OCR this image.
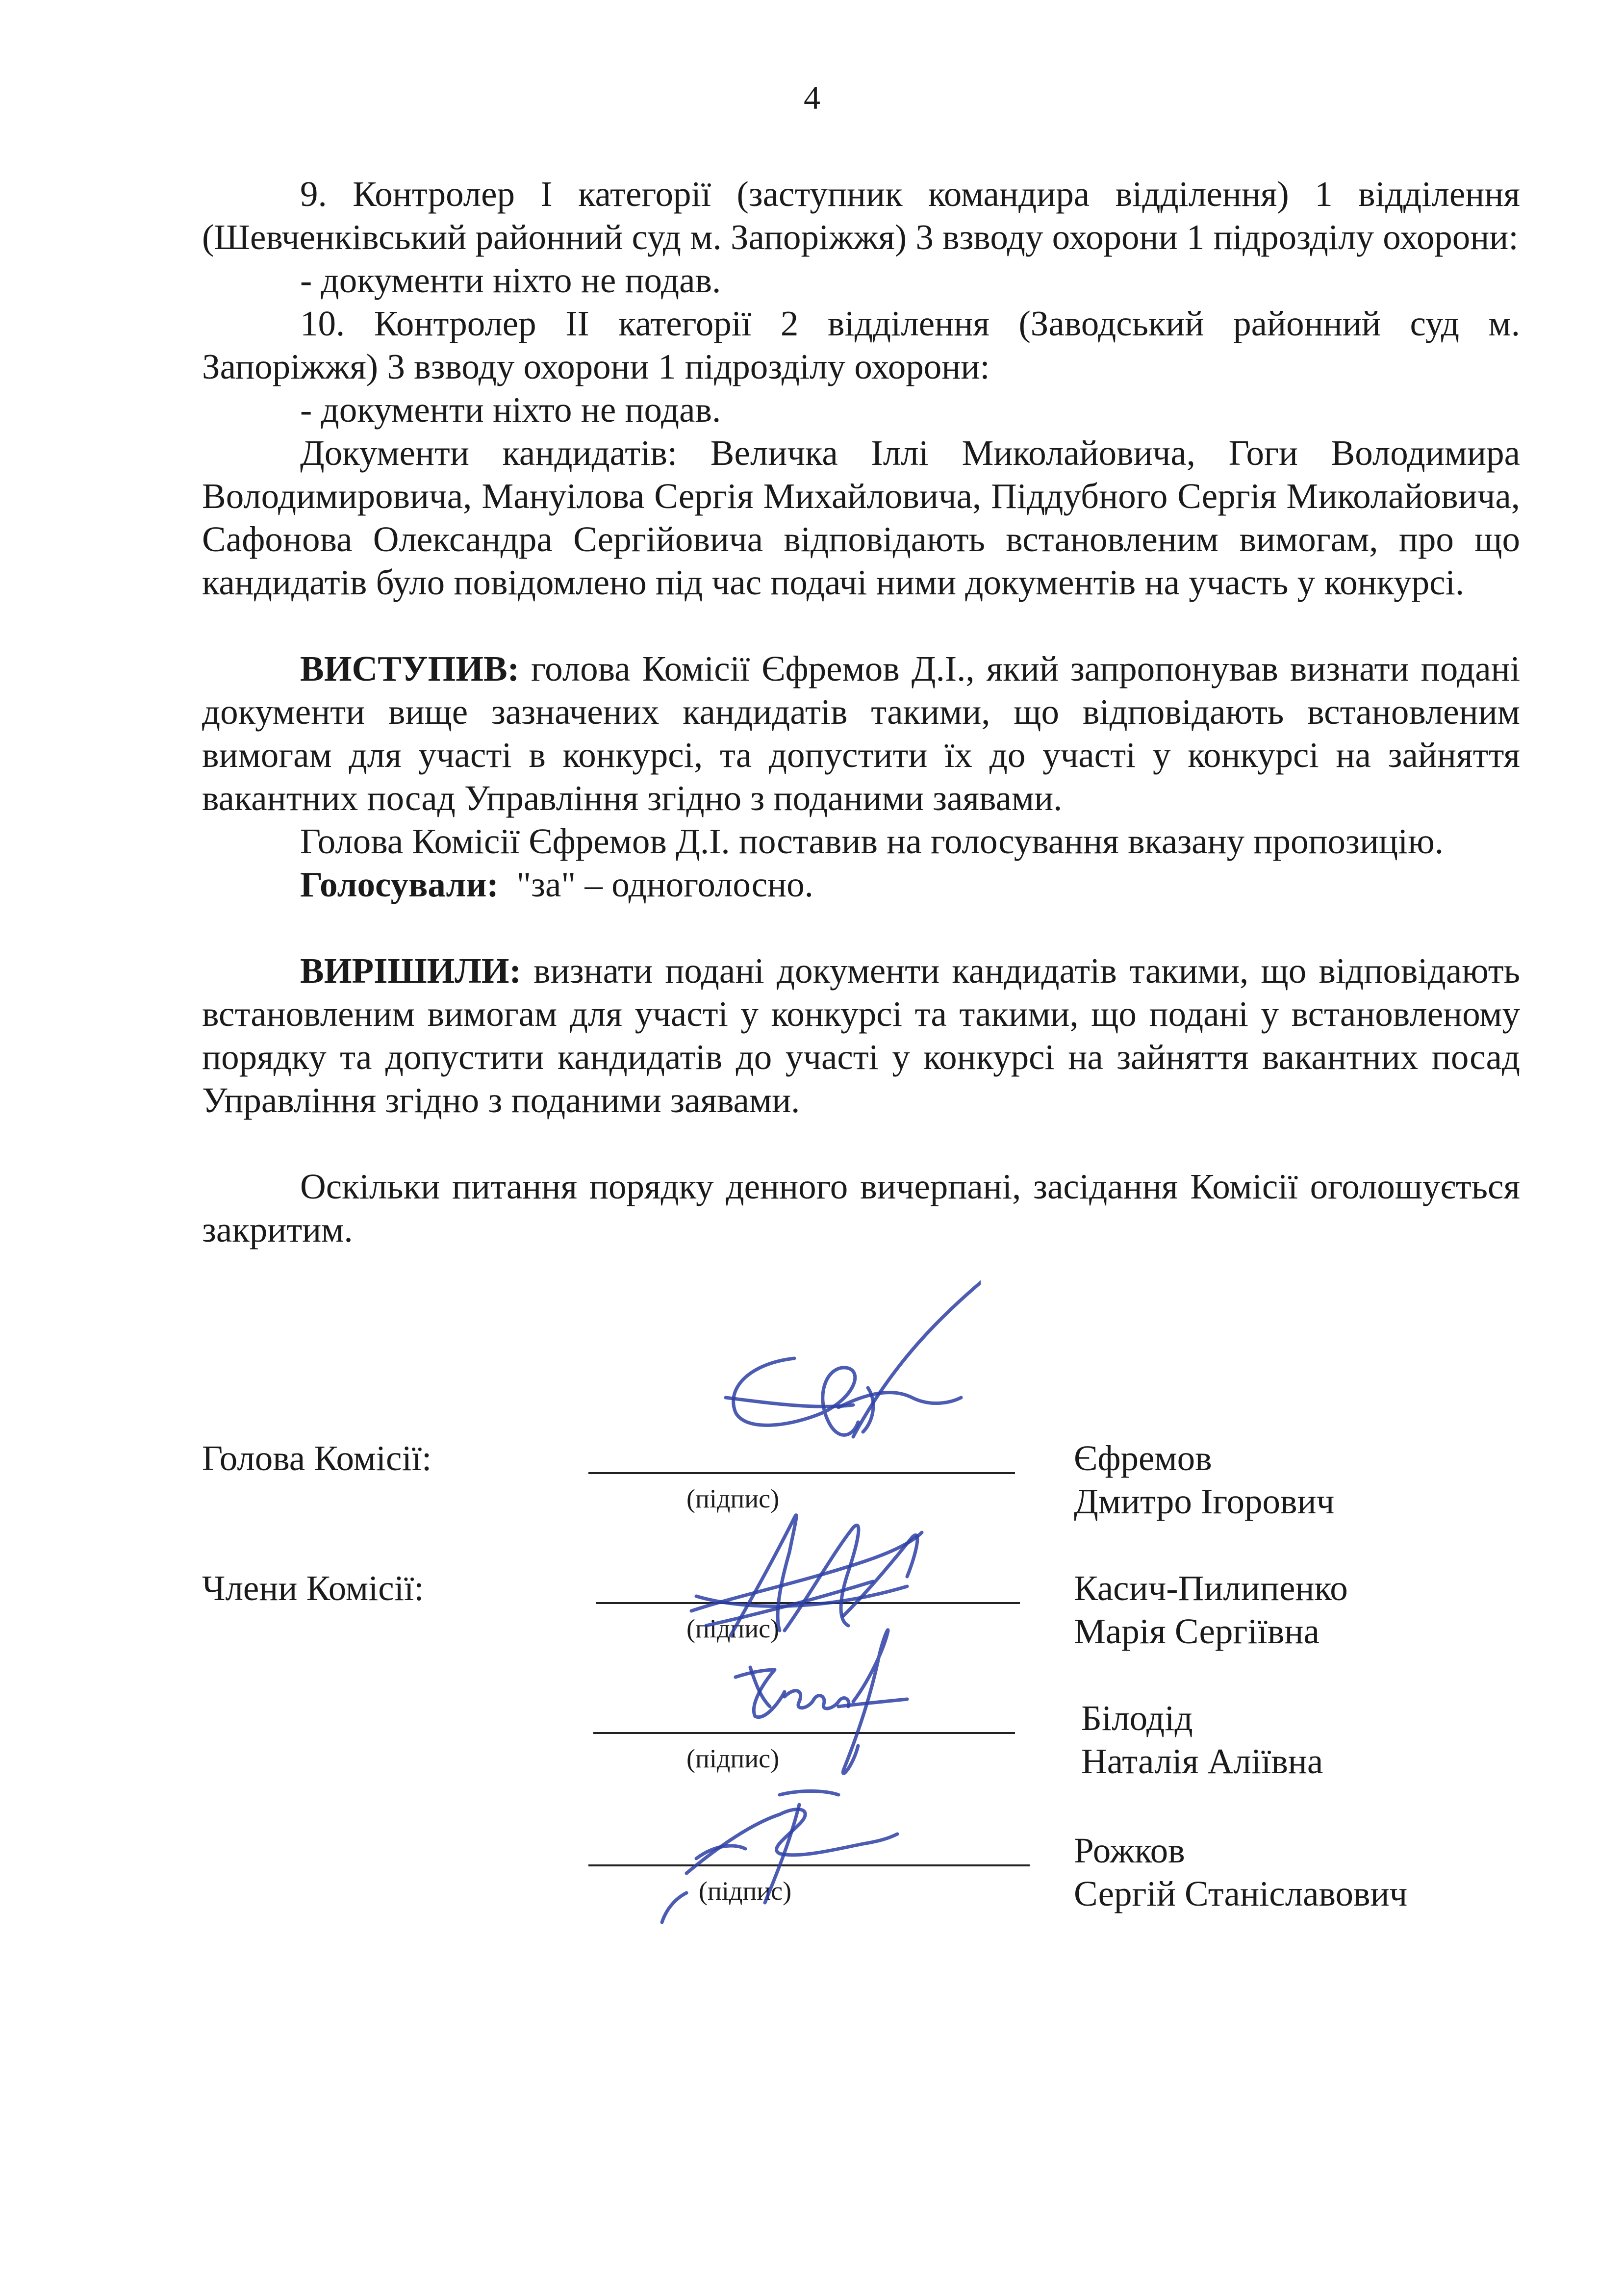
4

9. Контролер І категорії (заступник командира відділення) 1 відділення (Шевченківський районний суд м. Запоріжжя) 3 взводу охорони 1 підрозділу охорони:

- документи ніхто не подав.

10. Контролер ІІ категорії 2 відділення (Заводський районний суд м. Запоріжжя) 3 взводу охорони 1 підрозділу охорони:

- документи ніхто не подав.

Документи кандидатів: Величка Іллі Миколайовича, Гоги Володимира Володимировича, Мануілова Сергія Михайловича, Піддубного Сергія Миколайовича, Сафонова Олександра Сергійовича відповідають встановленим вимогам, про що кандидатів було повідомлено під час подачі ними документів на участь у конкурсі.

ВИСТУПИВ: голова Комісії Єфремов Д.І., який запропонував визнати подані документи вище зазначених кандидатів такими, що відповідають встановленим вимогам для участі в конкурсі, та допустити їх до участі у конкурсі на зайняття вакантних посад Управління згідно з поданими заявами.

Голова Комісії Єфремов Д.І. поставив на голосування вказану пропозицію.

Голосували:  "за" – одноголосно.

ВИРІШИЛИ: визнати подані документи кандидатів такими, що відповідають встановленим вимогам для участі у конкурсі та такими, що подані у встановленому порядку та допустити кандидатів до участі у конкурсі на зайняття вакантних посад Управління згідно з поданими заявами.

Оскільки питання порядку денного вичерпані, засідання Комісії оголошується закритим.

Голова Комісії:
(підпис)
Єфремов
Дмитро Ігорович
Члени Комісії:
(підпис)
Касич-Пилипенко
Марія Сергіївна
(підпис)
Білодід
Наталія Аліївна
(підпис)
Рожков
Сергій Станіславович
